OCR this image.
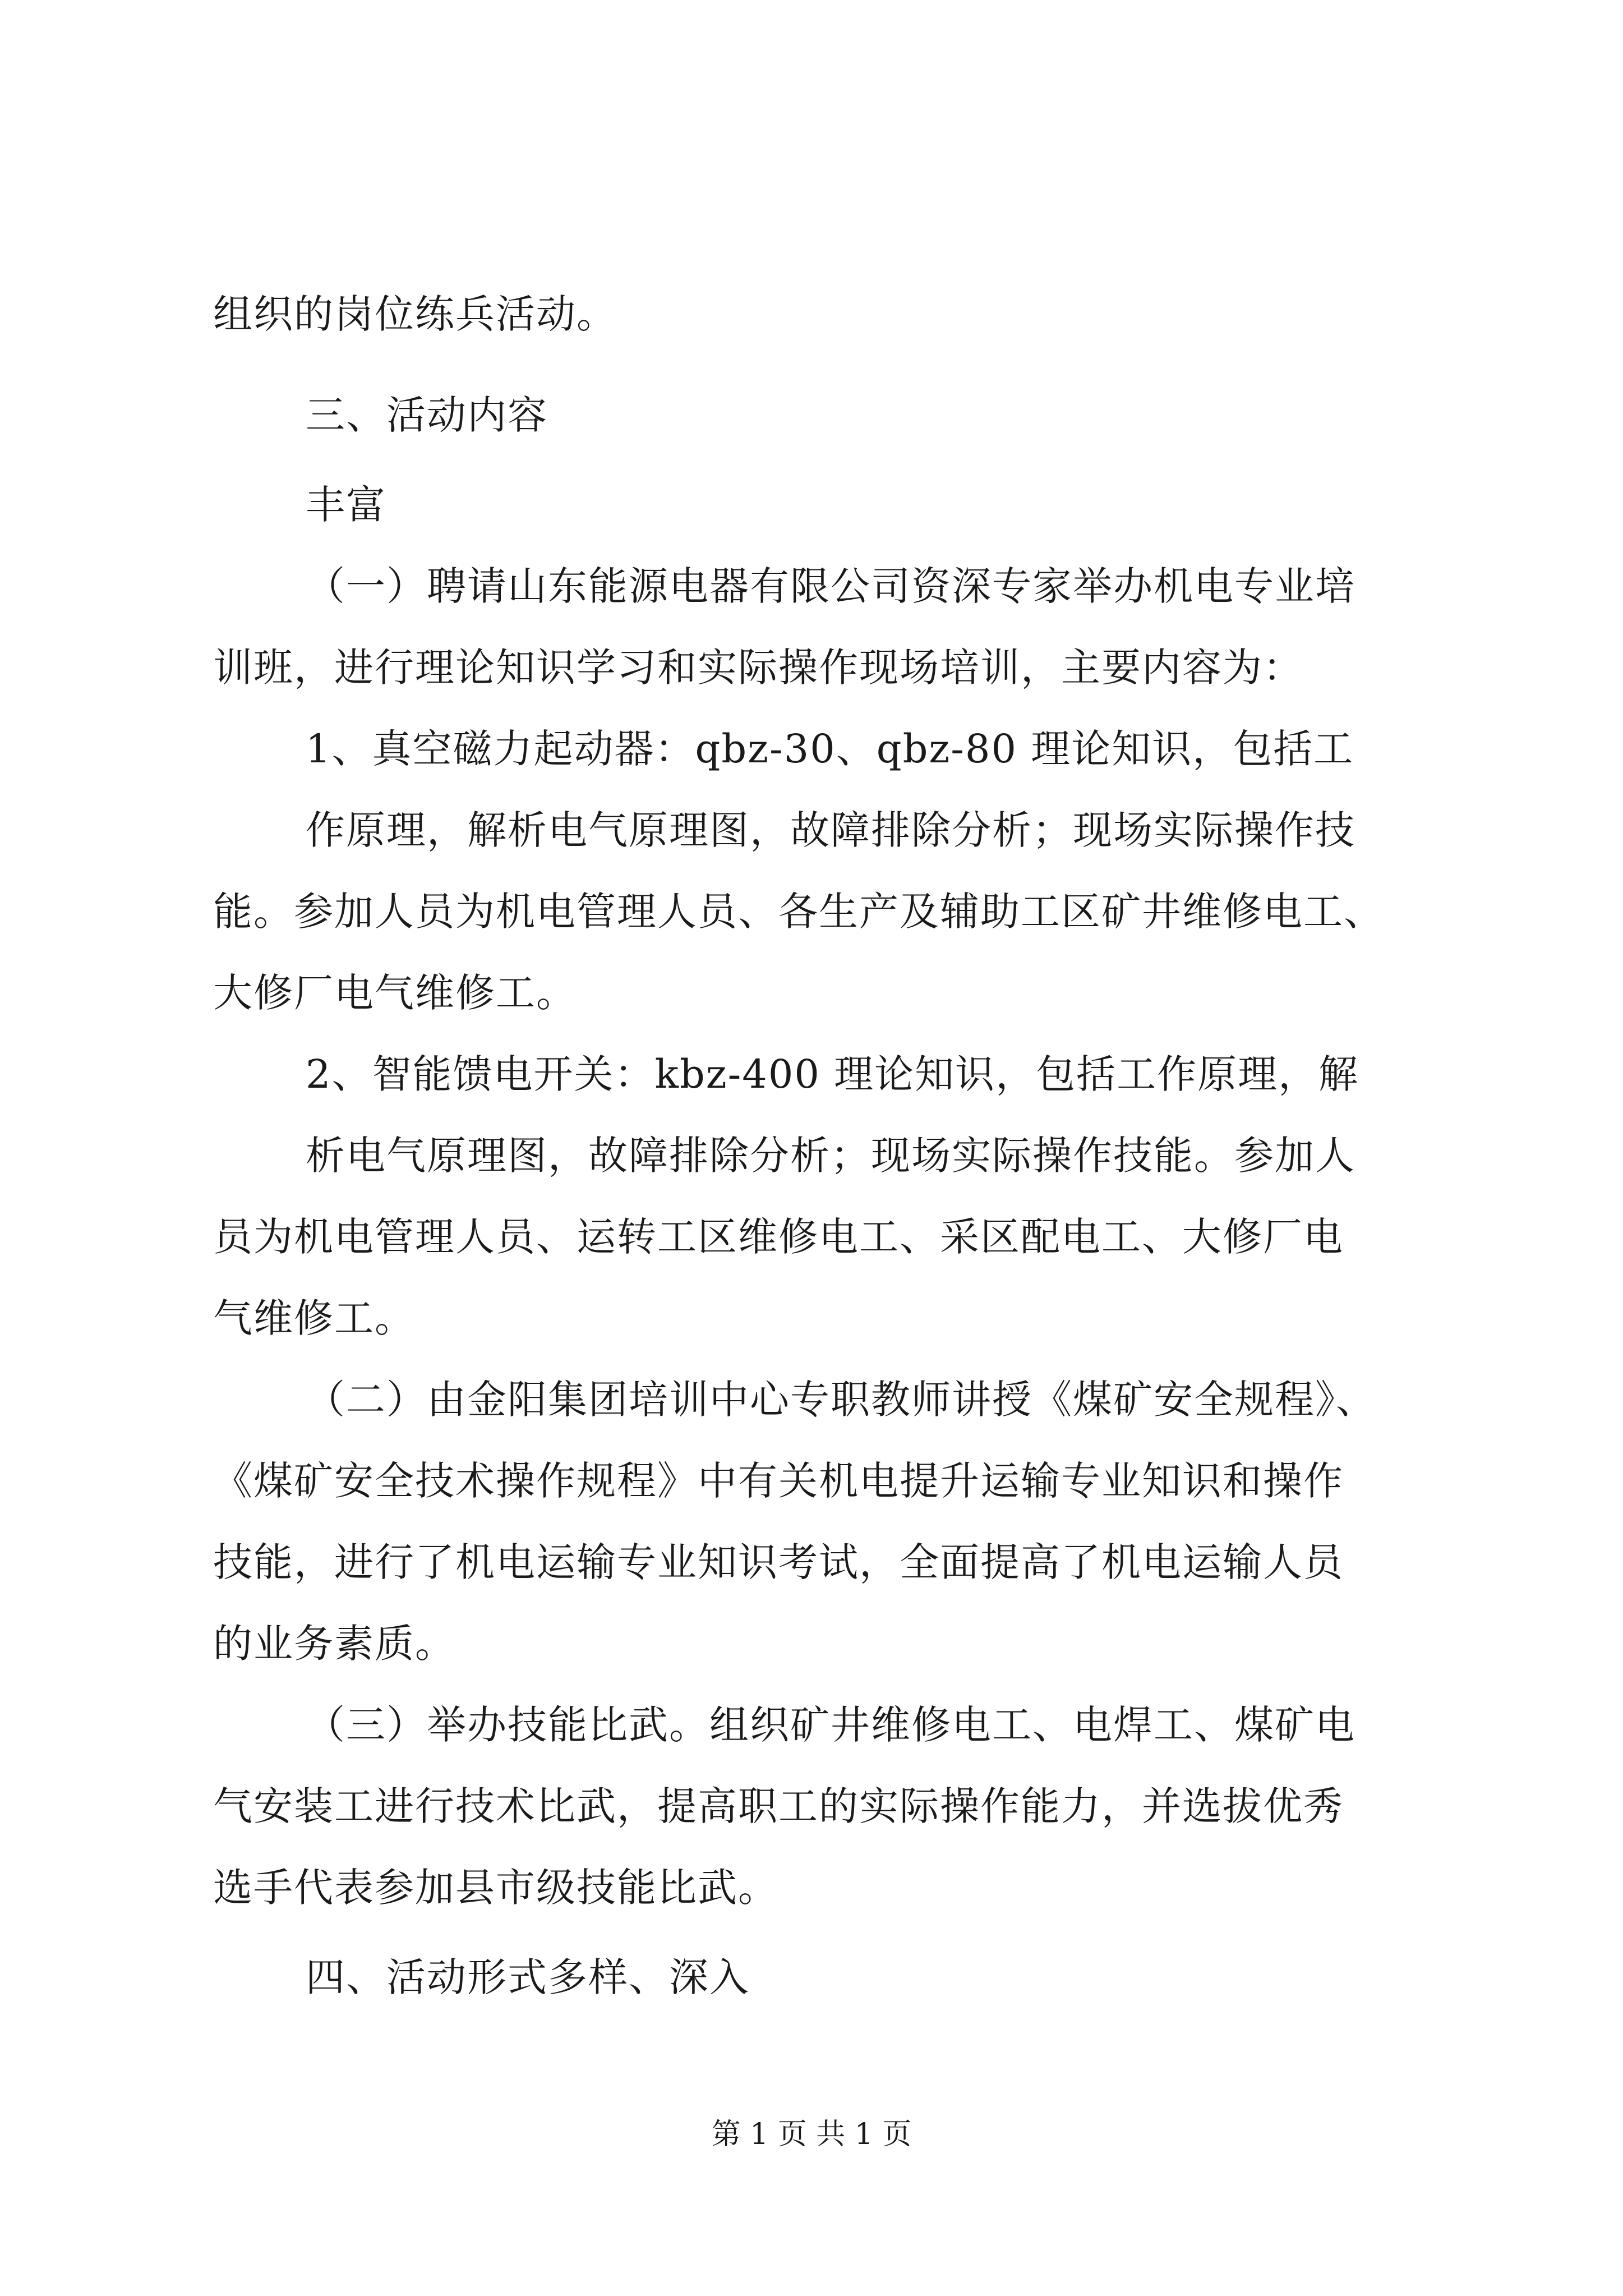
组织的岗位练兵活动。
三、活动内容
丰富
（一）聘请山东能源电器有限公司资深专家举办机电专业培
训班，进行理论知识学习和实际操作现场培训，主要内容为：
1、真空磁力起动器：qbz-30、qbz-80 理论知识，包括工
作原理，解析电气原理图，故障排除分析；现场实际操作技
能。参加人员为机电管理人员、各生产及辅助工区矿井维修电工、
大修厂电气维修工。
2、智能馈电开关：kbz-400 理论知识，包括工作原理，解
析电气原理图，故障排除分析；现场实际操作技能。参加人
员为机电管理人员、运转工区维修电工、采区配电工、大修厂电
气维修工。
（二）由金阳集团培训中心专职教师讲授《煤矿安全规程》、
《煤矿安全技术操作规程》中有关机电提升运输专业知识和操作
技能，进行了机电运输专业知识考试，全面提高了机电运输人员
的业务素质。
（三）举办技能比武。组织矿井维修电工、电焊工、煤矿电
气安装工进行技术比武，提高职工的实际操作能力，并选拔优秀
选手代表参加县市级技能比武。
四、活动形式多样、深入
第 1 页 共 1 页
